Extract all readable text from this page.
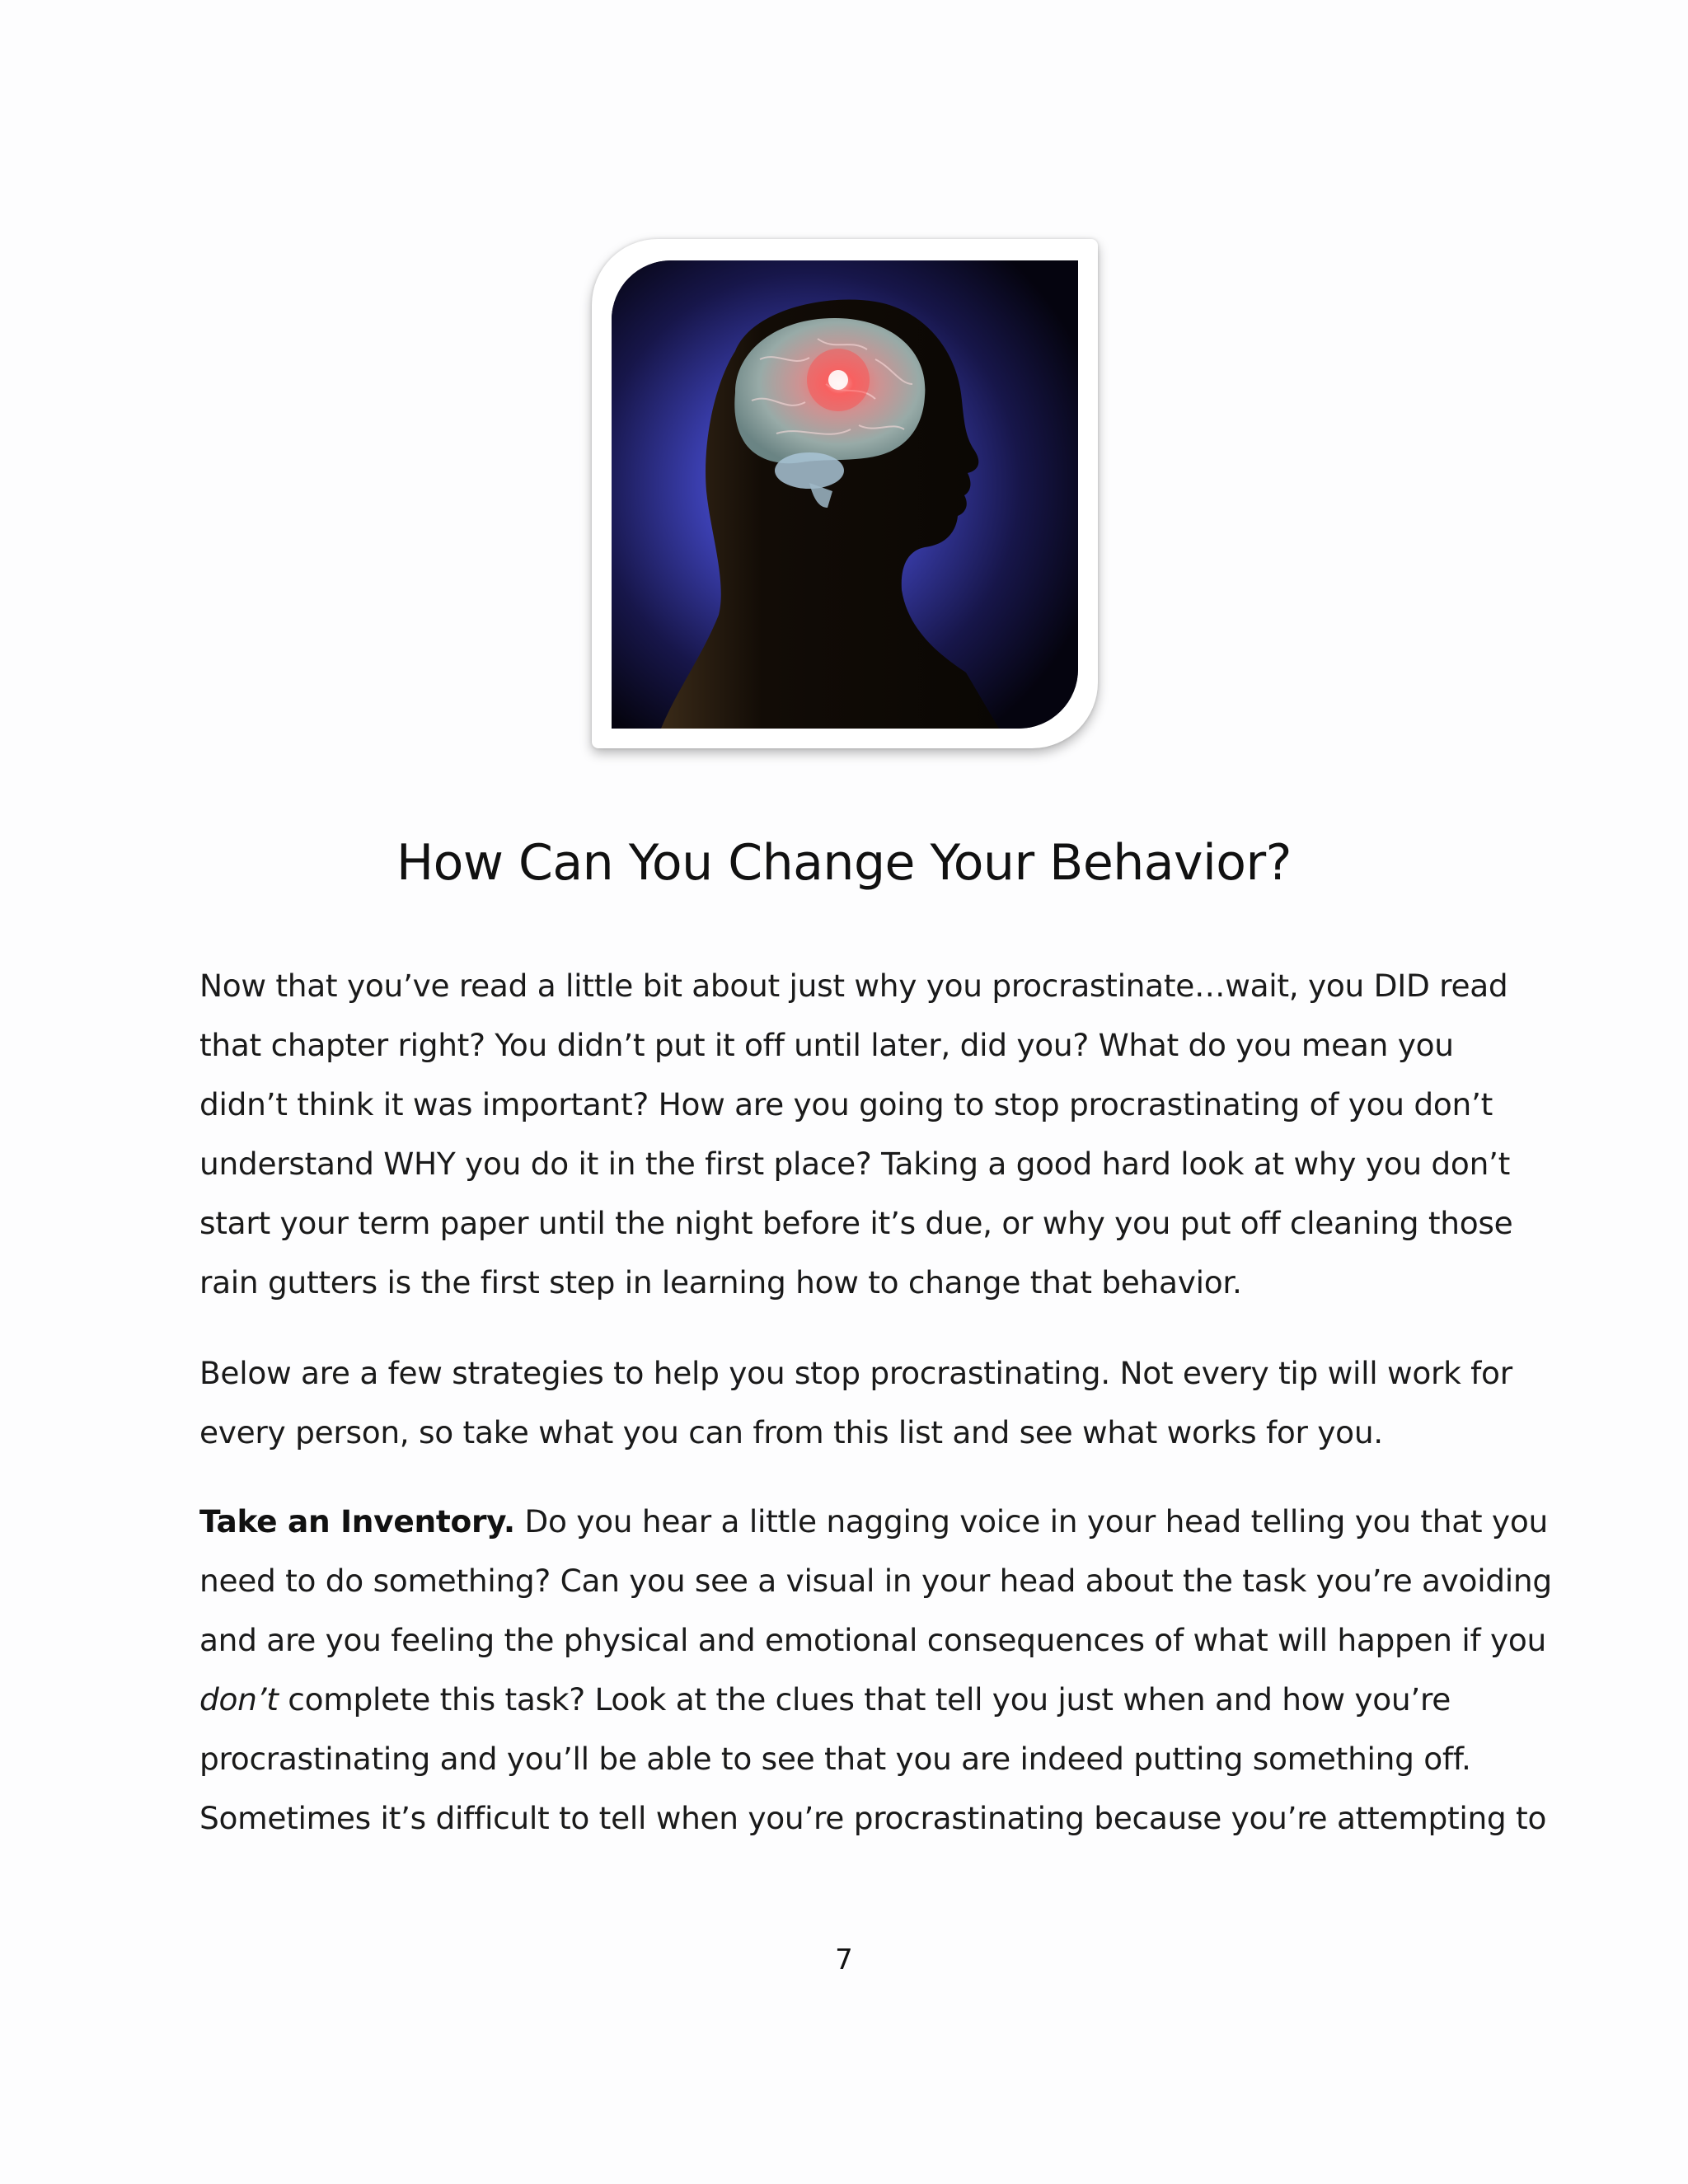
How Can You Change Your Behavior?

Now that you’ve read a little bit about just why you procrastinate…wait, you DID read
that chapter right? You didn’t put it off until later, did you? What do you mean you
didn’t think it was important? How are you going to stop procrastinating of you don’t
understand WHY you do it in the first place? Taking a good hard look at why you don’t
start your term paper until the night before it’s due, or why you put off cleaning those
rain gutters is the first step in learning how to change that behavior.

Below are a few strategies to help you stop procrastinating. Not every tip will work for
every person, so take what you can from this list and see what works for you.

Take an Inventory. Do you hear a little nagging voice in your head telling you that you
need to do something? Can you see a visual in your head about the task you’re avoiding
and are you feeling the physical and emotional consequences of what will happen if you
don’t complete this task? Look at the clues that tell you just when and how you’re
procrastinating and you’ll be able to see that you are indeed putting something off.
Sometimes it’s difficult to tell when you’re procrastinating because you’re attempting to

7
